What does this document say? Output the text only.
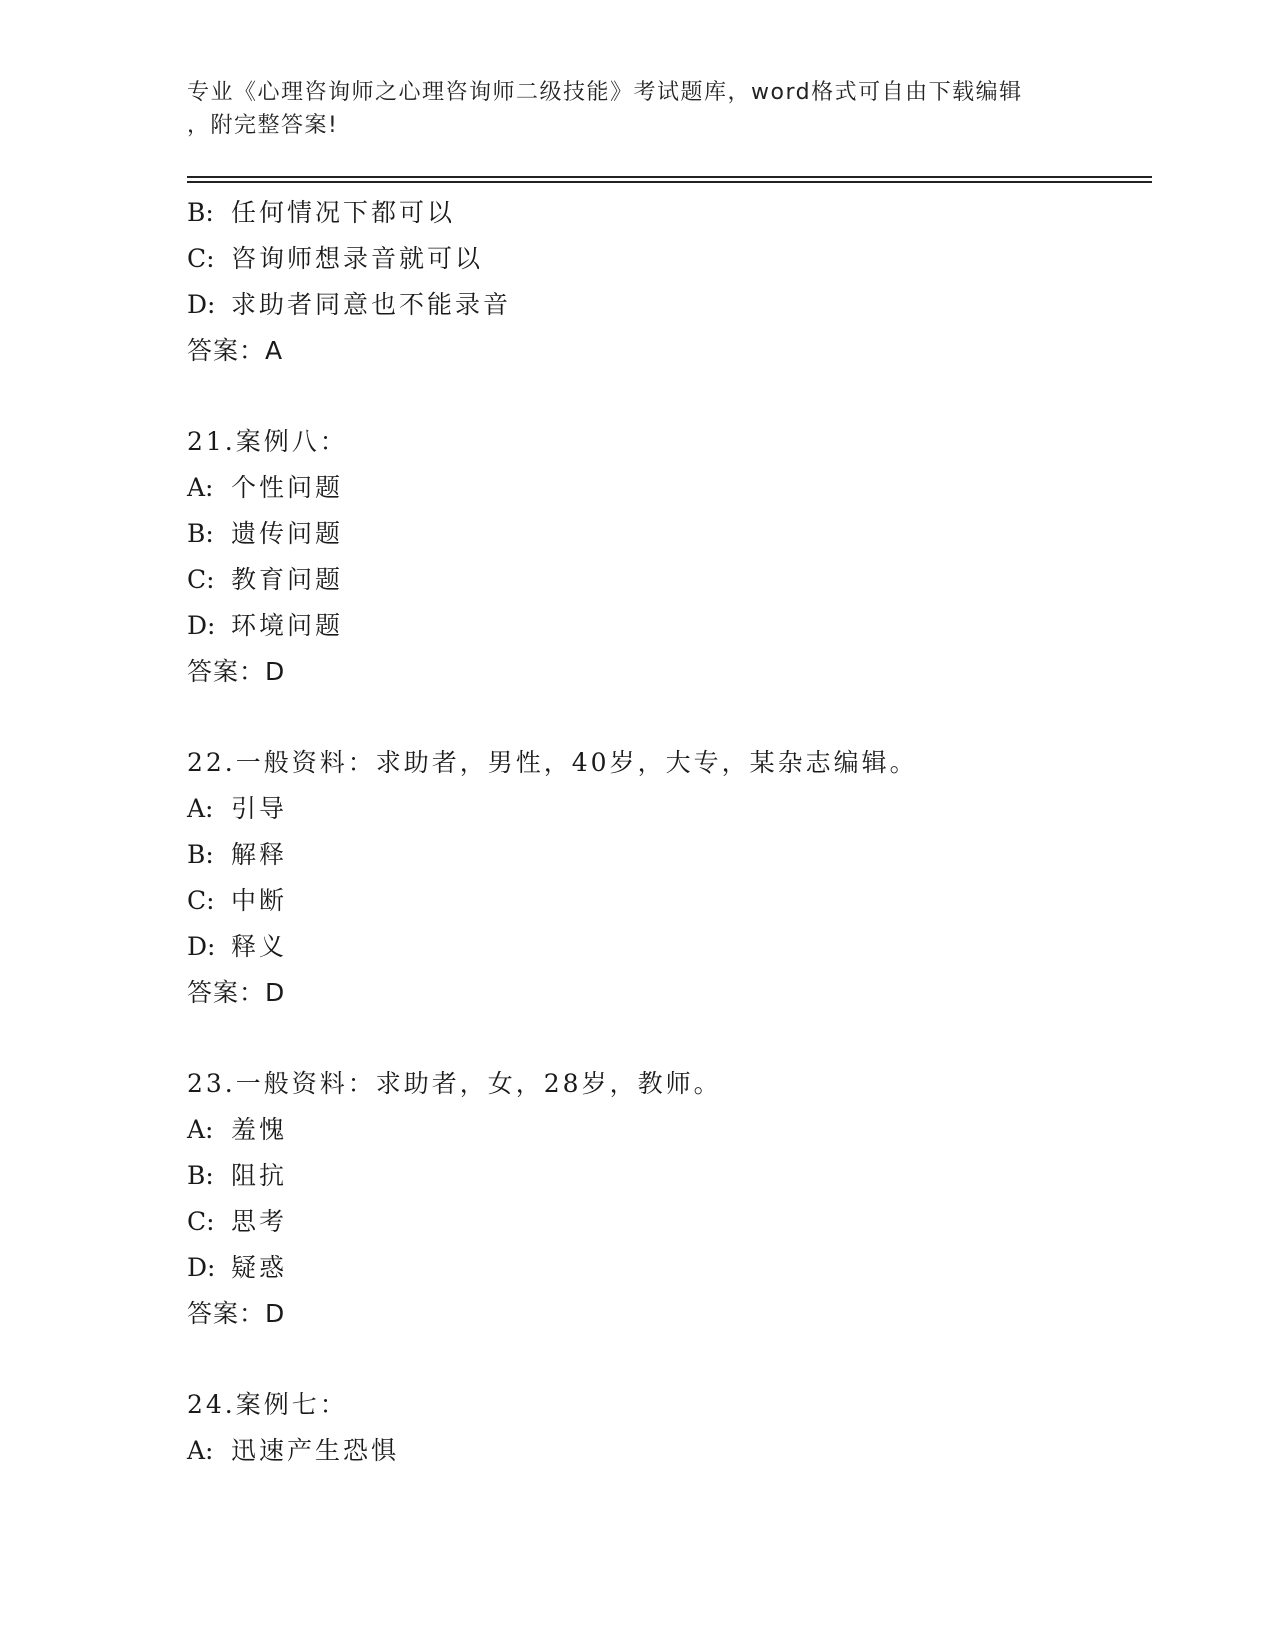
专业《心理咨询师之心理咨询师二级技能》考试题库，word格式可自由下载编辑
，附完整答案!
B: 任何情况下都可以
C: 咨询师想录音就可以
D: 求助者同意也不能录音
答案：A
21.案例八：
A: 个性问题
B: 遗传问题
C: 教育问题
D: 环境问题
答案：D
22.一般资料：求助者，男性，40岁，大专，某杂志编辑。
A: 引导
B: 解释
C: 中断
D: 释义
答案：D
23.一般资料：求助者，女，28岁，教师。
A: 羞愧
B: 阻抗
C: 思考
D: 疑惑
答案：D
24.案例七：
A: 迅速产生恐惧
